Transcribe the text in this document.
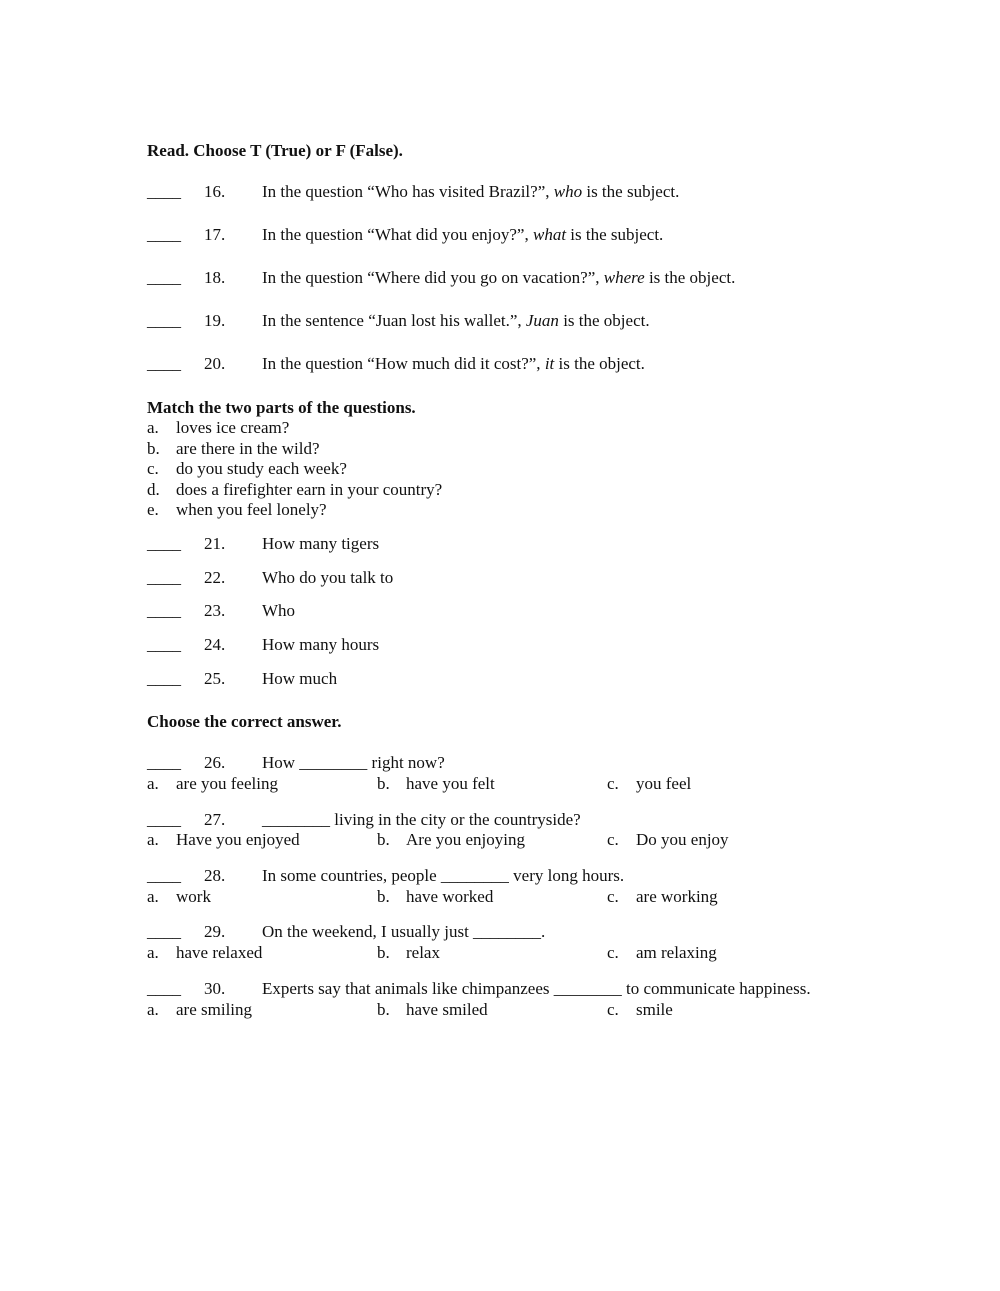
Read. Choose T (True) or F (False).
____ 16. In the question “Who has visited Brazil?”, who is the subject.
____ 17. In the question “What did you enjoy?”, what is the subject.
____ 18. In the question “Where did you go on vacation?”, where is the object.
____ 19. In the sentence “Juan lost his wallet.”, Juan is the object.
____ 20. In the question “How much did it cost?”, it is the object.
Match the two parts of the questions.
a. loves ice cream?
b. are there in the wild?
c. do you study each week?
d. does a firefighter earn in your country?
e. when you feel lonely?
____ 21. How many tigers
____ 22. Who do you talk to
____ 23. Who
____ 24. How many hours
____ 25. How much
Choose the correct answer.
____ 26. How ________ right now?
a. are you feeling	b. have you felt	c. you feel
____ 27. ________ living in the city or the countryside?
a. Have you enjoyed	b. Are you enjoying	c. Do you enjoy
____ 28. In some countries, people ________ very long hours.
a. work	b. have worked	c. are working
____ 29. On the weekend, I usually just ________.
a. have relaxed	b. relax	c. am relaxing
____ 30. Experts say that animals like chimpanzees ________ to communicate happiness.
a. are smiling	b. have smiled	c. smile
